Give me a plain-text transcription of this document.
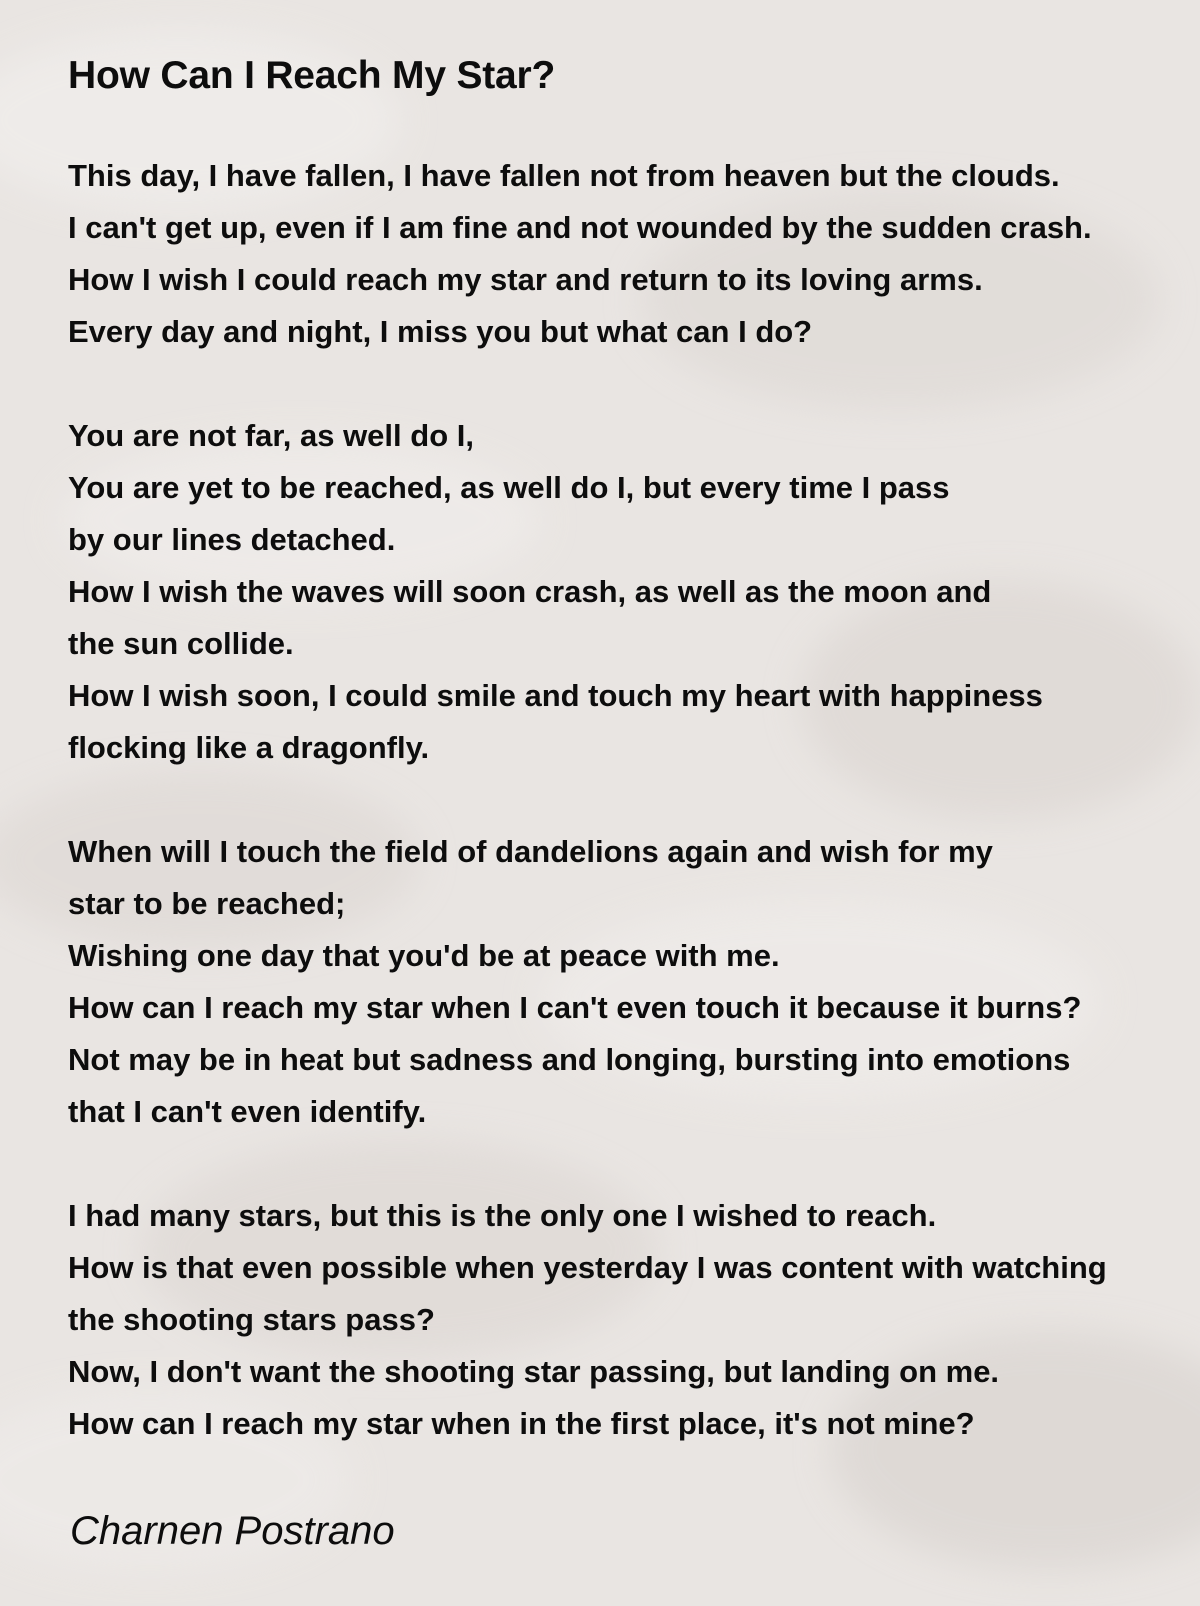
How Can I Reach My Star?
This day, I have fallen, I have fallen not from heaven but the clouds.
I can't get up, even if I am fine and not wounded by the sudden crash.
How I wish I could reach my star and return to its loving arms.
Every day and night, I miss you but what can I do?
You are not far, as well do I,
You are yet to be reached, as well do I, but every time I pass
by our lines detached.
How I wish the waves will soon crash, as well as the moon and
the sun collide.
How I wish soon, I could smile and touch my heart with happiness
flocking like a dragonfly.
When will I touch the field of dandelions again and wish for my
star to be reached;
Wishing one day that you'd be at peace with me.
How can I reach my star when I can't even touch it because it burns?
Not may be in heat but sadness and longing, bursting into emotions
that I can't even identify.
I had many stars, but this is the only one I wished to reach.
How is that even possible when yesterday I was content with watching
the shooting stars pass?
Now, I don't want the shooting star passing, but landing on me.
How can I reach my star when in the first place, it's not mine?
Charnen Postrano
